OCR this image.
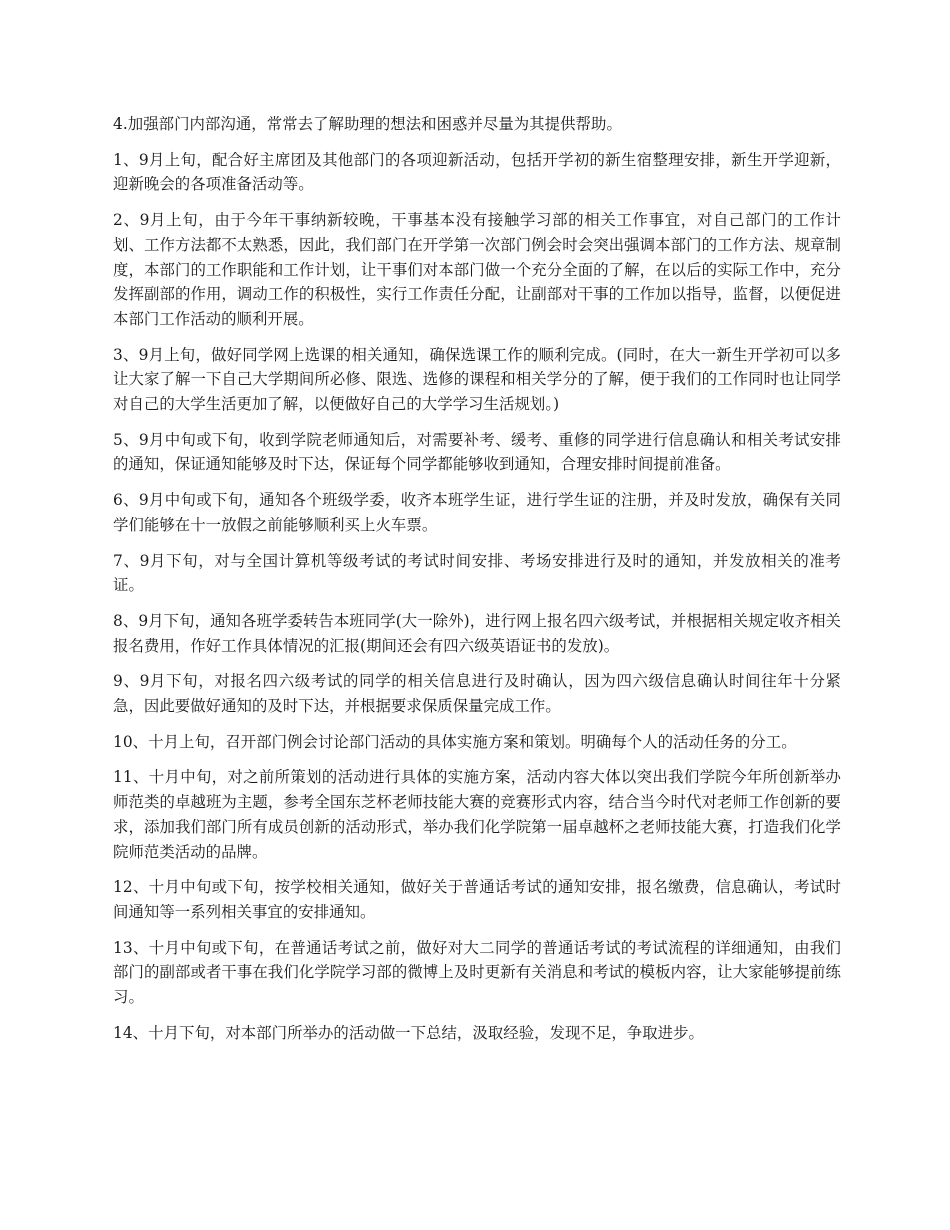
4.加强部门内部沟通，常常去了解助理的想法和困惑并尽量为其提供帮助。

1、9月上旬，配合好主席团及其他部门的各项迎新活动，包括开学初的新生宿整理安排，新生开学迎新，迎新晚会的各项准备活动等。

2、9月上旬，由于今年干事纳新较晚，干事基本没有接触学习部的相关工作事宜，对自己部门的工作计划、工作方法都不太熟悉，因此，我们部门在开学第一次部门例会时会突出强调本部门的工作方法、规章制度，本部门的工作职能和工作计划，让干事们对本部门做一个充分全面的了解，在以后的实际工作中，充分发挥副部的作用，调动工作的积极性，实行工作责任分配，让副部对干事的工作加以指导，监督，以便促进本部门工作活动的顺利开展。

3、9月上旬，做好同学网上选课的相关通知，确保选课工作的顺利完成。(同时，在大一新生开学初可以多让大家了解一下自己大学期间所必修、限选、选修的课程和相关学分的了解，便于我们的工作同时也让同学对自己的大学生活更加了解，以便做好自己的大学学习生活规划。)

5、9月中旬或下旬，收到学院老师通知后，对需要补考、缓考、重修的同学进行信息确认和相关考试安排的通知，保证通知能够及时下达，保证每个同学都能够收到通知，合理安排时间提前准备。

6、9月中旬或下旬，通知各个班级学委，收齐本班学生证，进行学生证的注册，并及时发放，确保有关同学们能够在十一放假之前能够顺利买上火车票。

7、9月下旬，对与全国计算机等级考试的考试时间安排、考场安排进行及时的通知，并发放相关的准考证。

8、9月下旬，通知各班学委转告本班同学(大一除外)，进行网上报名四六级考试，并根据相关规定收齐相关报名费用，作好工作具体情况的汇报(期间还会有四六级英语证书的发放)。

9、9月下旬，对报名四六级考试的同学的相关信息进行及时确认，因为四六级信息确认时间往年十分紧急，因此要做好通知的及时下达，并根据要求保质保量完成工作。

10、十月上旬，召开部门例会讨论部门活动的具体实施方案和策划。明确每个人的活动任务的分工。

11、十月中旬，对之前所策划的活动进行具体的实施方案，活动内容大体以突出我们学院今年所创新举办师范类的卓越班为主题，参考全国东芝杯老师技能大赛的竞赛形式内容，结合当今时代对老师工作创新的要求，添加我们部门所有成员创新的活动形式，举办我们化学院第一届卓越杯之老师技能大赛，打造我们化学院师范类活动的品牌。

12、十月中旬或下旬，按学校相关通知，做好关于普通话考试的通知安排，报名缴费，信息确认，考试时间通知等一系列相关事宜的安排通知。

13、十月中旬或下旬，在普通话考试之前，做好对大二同学的普通话考试的考试流程的详细通知，由我们部门的副部或者干事在我们化学院学习部的微博上及时更新有关消息和考试的模板内容，让大家能够提前练习。

14、十月下旬，对本部门所举办的活动做一下总结，汲取经验，发现不足，争取进步。
